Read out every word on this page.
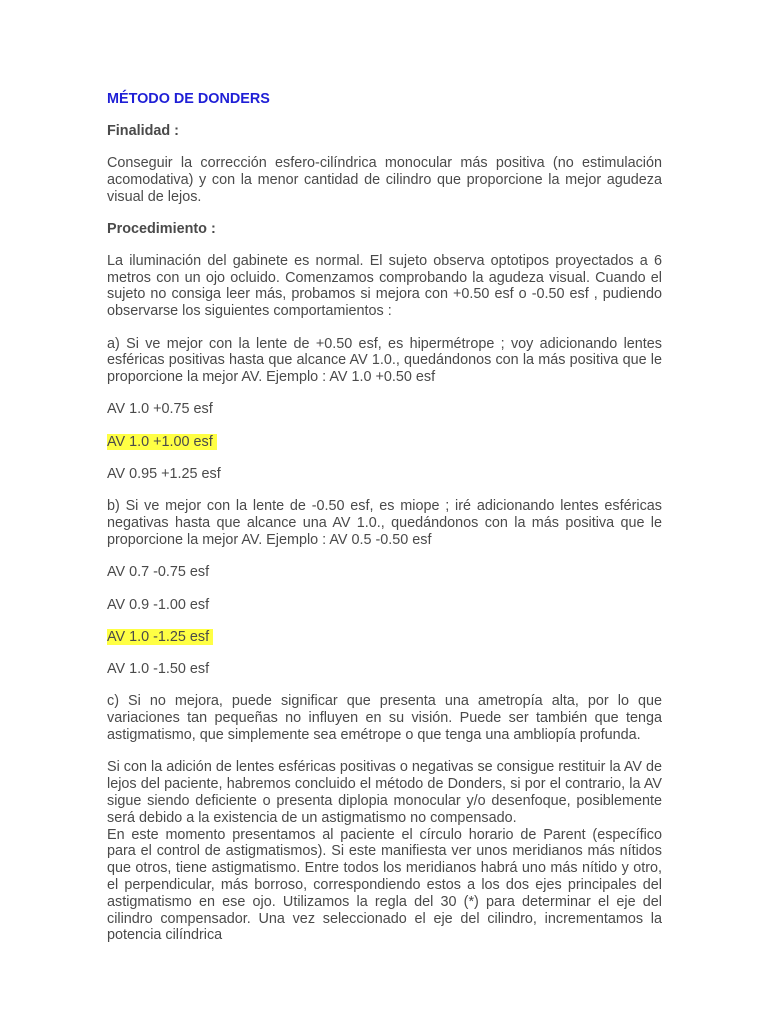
MÉTODO DE DONDERS
Finalidad :

Conseguir la corrección esfero-cilíndrica monocular más positiva (no estimulación acomodativa) y con la menor cantidad de cilindro que proporcione la mejor agudeza visual de lejos.

Procedimiento :

La iluminación del gabinete es normal. El sujeto observa optotipos proyectados a 6 metros con un ojo ocluido. Comenzamos comprobando la agudeza visual. Cuando el sujeto no consiga leer más, probamos si mejora con +0.50 esf o -0.50 esf , pudiendo observarse los siguientes comportamientos :

a) Si ve mejor con la lente de +0.50 esf, es hipermétrope ; voy adicionando lentes esféricas positivas hasta que alcance AV 1.0., quedándonos con la más positiva que le proporcione la mejor AV. Ejemplo : AV 1.0 +0.50 esf

AV 1.0 +0.75 esf
AV 1.0 +1.00 esf
AV 0.95 +1.25 esf

b) Si ve mejor con la lente de -0.50 esf, es miope ; iré adicionando lentes esféricas negativas hasta que alcance una AV 1.0., quedándonos con la más positiva que le proporcione la mejor AV. Ejemplo : AV 0.5 -0.50 esf

AV 0.7 -0.75 esf
AV 0.9 -1.00 esf
AV 1.0 -1.25 esf
AV 1.0 -1.50 esf

c) Si no mejora, puede significar que presenta una ametropía alta, por lo que variaciones tan pequeñas no influyen en su visión. Puede ser también que tenga astigmatismo, que simplemente sea emétrope o que tenga una ambliopía profunda.

Si con la adición de lentes esféricas positivas o negativas se consigue restituir la AV de lejos del paciente, habremos concluido el método de Donders, si por el contrario, la AV sigue siendo deficiente o presenta diplopia monocular y/o desenfoque, posiblemente será debido a la existencia de un astigmatismo no compensado.

En este momento presentamos al paciente el círculo horario de Parent (específico para el control de astigmatismos). Si este manifiesta ver unos meridianos más nítidos que otros, tiene astigmatismo. Entre todos los meridianos habrá uno más nítido y otro, el perpendicular, más borroso, correspondiendo estos a los dos ejes principales del astigmatismo en ese ojo. Utilizamos la regla del 30 (*) para determinar el eje del cilindro compensador. Una vez seleccionado el eje del cilindro, incrementamos la potencia cilíndrica
